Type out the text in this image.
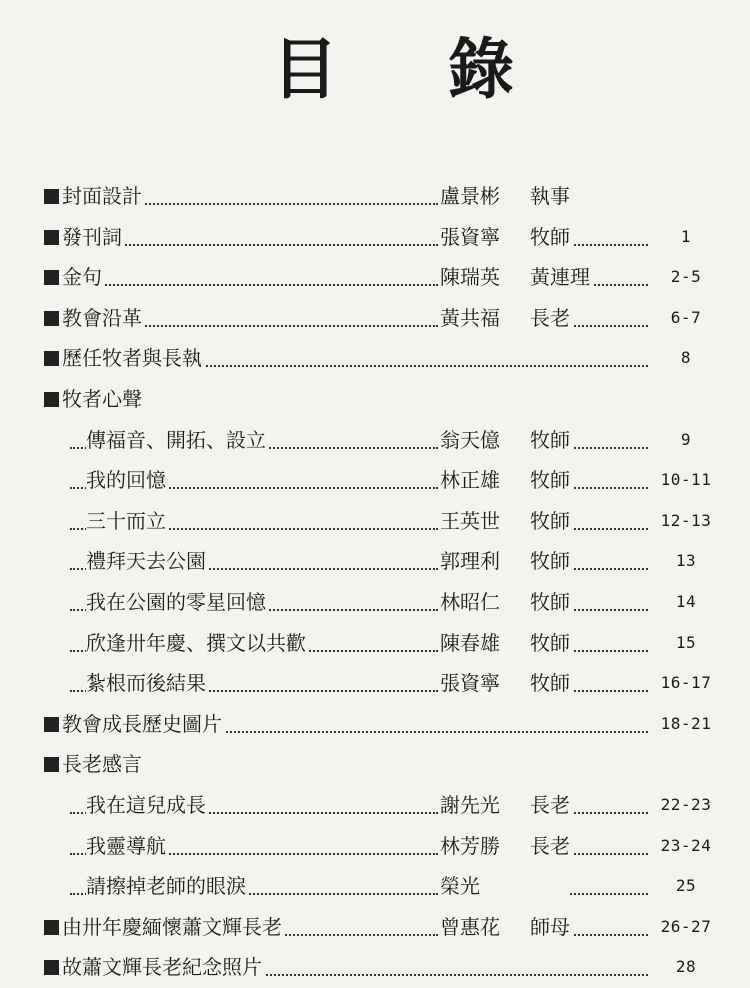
目 錄
封面設計	盧景彬 執事
發刊詞	張資寧 牧師	1
金句	陳瑞英 黃連理	2-5
教會沿革	黃共福 長老	6-7
歷任牧者與長執	8
牧者心聲
傳福音、開拓、設立	翁天億 牧師	9
我的回憶	林正雄 牧師	10-11
三十而立	王英世 牧師	12-13
禮拜天去公園	郭理利 牧師	13
我在公園的零星回憶	林昭仁 牧師	14
欣逢卅年慶、撰文以共歡	陳春雄 牧師	15
紮根而後結果	張資寧 牧師	16-17
教會成長歷史圖片	18-21
長老感言
我在這兒成長	謝先光 長老	22-23
我靈導航	林芳勝 長老	23-24
請擦掉老師的眼淚	榮光	25
由卅年慶緬懷蕭文輝長老	曾惠花 師母	26-27
故蕭文輝長老紀念照片	28
